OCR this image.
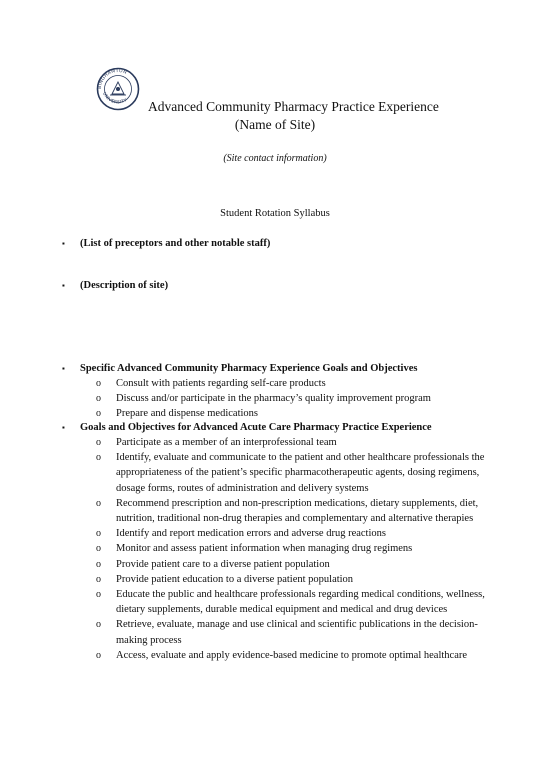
BINGHAMTON
UNIVERSITY Advanced Community Pharmacy Practice Experience
(Name of Site)
(Site contact information)
Student Rotation Syllabus
▪	(List of preceptors and other notable staff)
▪	(Description of site)
▪	Specific Advanced Community Pharmacy Experience Goals and Objectives
o Consult with patients regarding self-care products
o Discuss and/or participate in the pharmacy’s quality improvement program
o Prepare and dispense medications
▪	Goals and Objectives for Advanced Acute Care Pharmacy Practice Experience
o Participate as a member of an interprofessional team
o Identify, evaluate and communicate to the patient and other healthcare professionals the appropriateness of the patient’s specific pharmacotherapeutic agents, dosing regimens, dosage forms, routes of administration and delivery systems
o Recommend prescription and non-prescription medications, dietary supplements, diet, nutrition, traditional non-drug therapies and complementary and alternative therapies
o Identify and report medication errors and adverse drug reactions
o Monitor and assess patient information when managing drug regimens
o Provide patient care to a diverse patient population
o Provide patient education to a diverse patient population
o Educate the public and healthcare professionals regarding medical conditions, wellness, dietary supplements, durable medical equipment and medical and drug devices
o Retrieve, evaluate, manage and use clinical and scientific publications in the decision-making process
o Access, evaluate and apply evidence-based medicine to promote optimal healthcare
